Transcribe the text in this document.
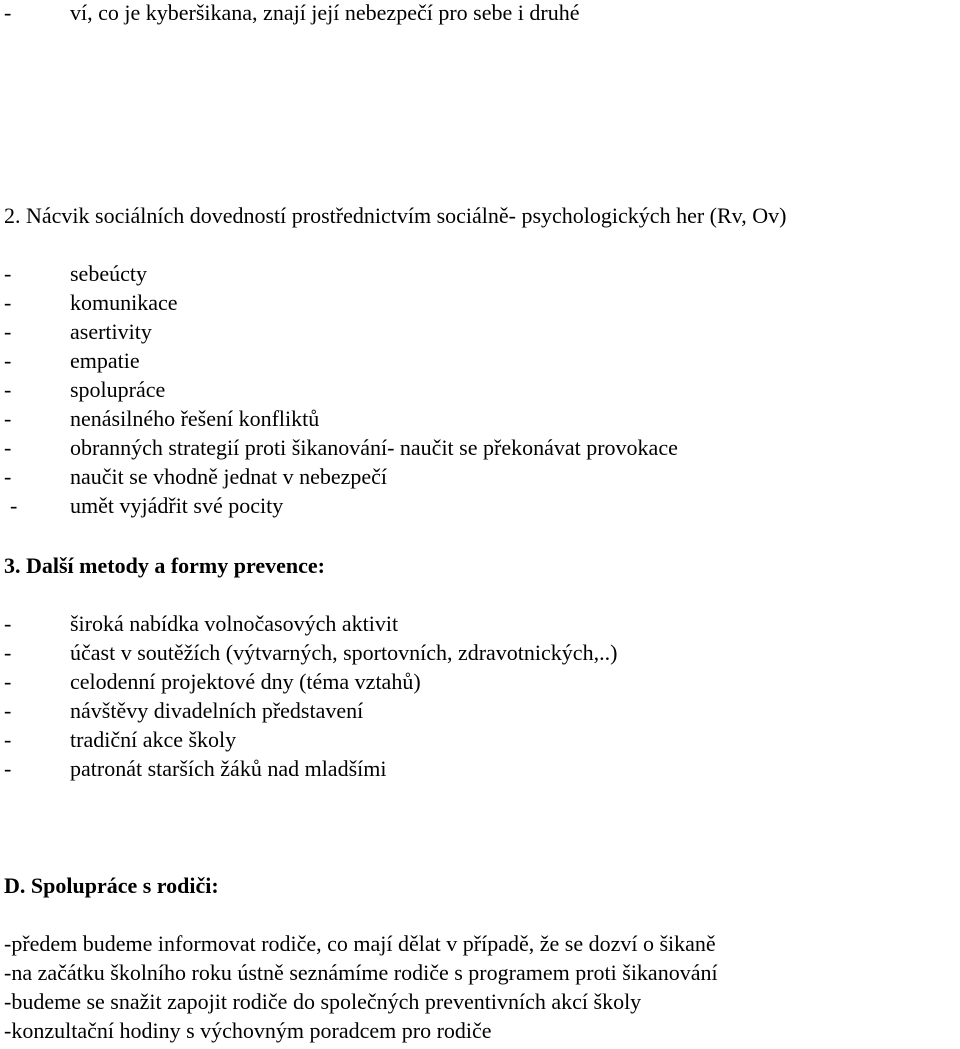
-	ví, co je kyberšikana, znají její nebezpečí pro sebe i druhé
2. Nácvik sociálních dovedností prostřednictvím sociálně- psychologických her (Rv, Ov)
-	sebeúcty
-	komunikace
-	asertivity
-	empatie
-	spolupráce
-	nenásilného řešení konfliktů
-	obranných strategií proti šikanování- naučit se překonávat provokace
-	naučit se vhodně jednat v nebezpečí
- umět vyjádřit své pocity
3. Další metody a formy prevence:
-	široká nabídka volnočasových aktivit
-	účast v soutěžích (výtvarných, sportovních, zdravotnických,..)
-	celodenní projektové dny (téma vztahů)
-	návštěvy divadelních představení
-	tradiční akce školy
-	patronát starších žáků nad mladšími
D. Spolupráce s rodiči:
-předem budeme informovat rodiče, co mají dělat v případě, že se dozví o šikaně
-na začátku školního roku ústně seznámíme rodiče s programem proti šikanování
-budeme se snažit zapojit rodiče do společných preventivních akcí školy
-konzultační hodiny s výchovným poradcem pro rodiče
